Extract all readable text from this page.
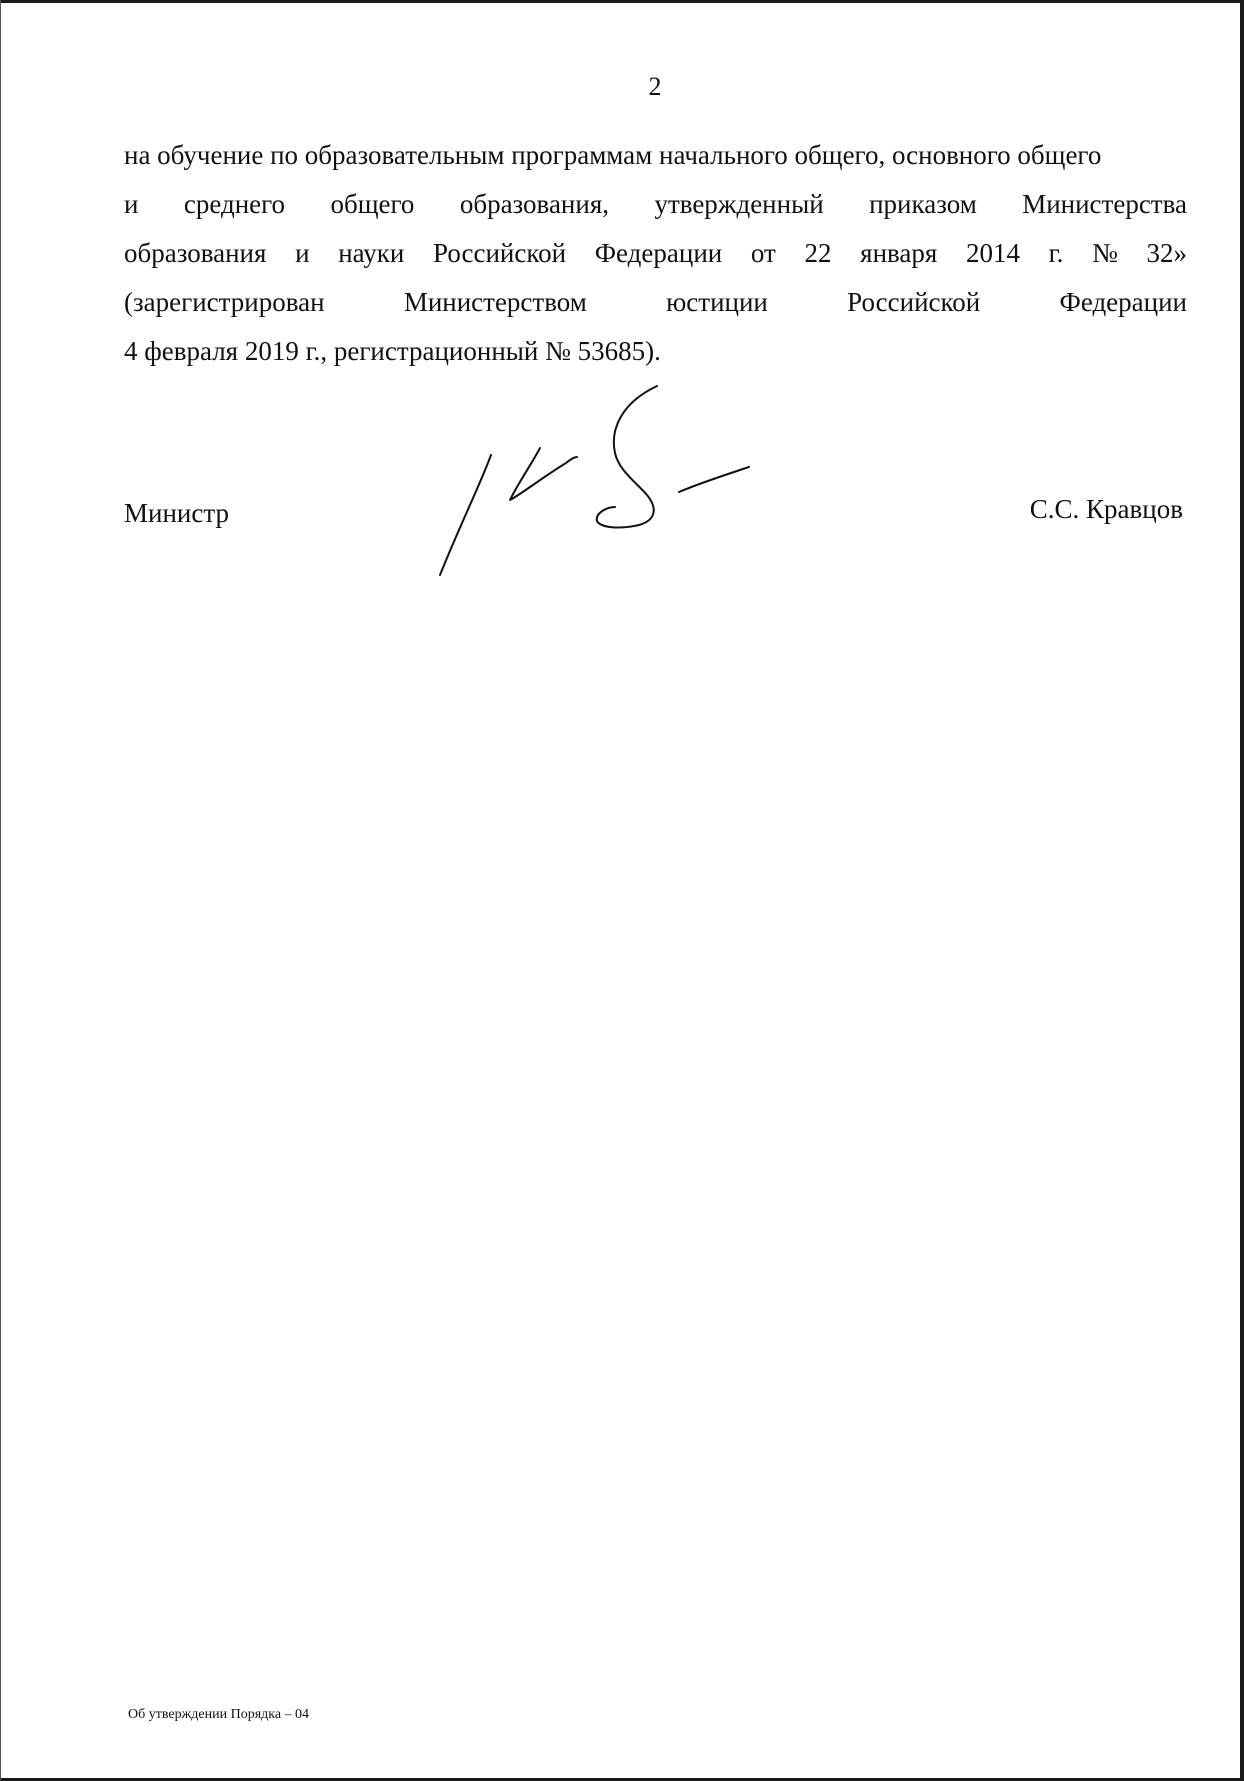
2
на обучение по образовательным программам начального общего, основного общего
и среднего общего образования, утвержденный приказом Министерства
образования и науки Российской Федерации от 22 января 2014 г. № 32»
(зарегистрирован	Министерством	юстиции	Российской	Федерации
4 февраля 2019 г., регистрационный № 53685).
Министр	С.С. Кравцов
Об утверждении Порядка – 04
